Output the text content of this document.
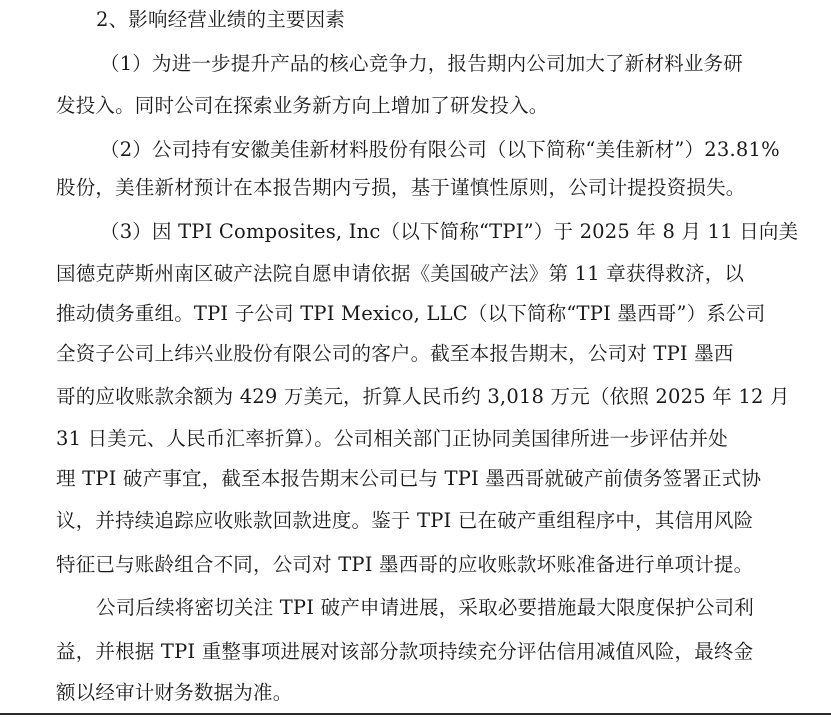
2、影响经营业绩的主要因素
（1）为进一步提升产品的核心竞争力，报告期内公司加大了新材料业务研
发投入。同时公司在探索业务新方向上增加了研发投入。
（2）公司持有安徽美佳新材料股份有限公司（以下简称“美佳新材”）23.81%
股份，美佳新材预计在本报告期内亏损，基于谨慎性原则，公司计提投资损失。
（3）因 TPI Composites, Inc（以下简称“TPI”）于 2025 年 8 月 11 日向美
国德克萨斯州南区破产法院自愿申请依据《美国破产法》第 11 章获得救济，以
推动债务重组。TPI 子公司 TPI Mexico, LLC（以下简称“TPI 墨西哥”）系公司
全资子公司上纬兴业股份有限公司的客户。截至本报告期末，公司对 TPI 墨西
哥的应收账款余额为 429 万美元，折算人民币约 3,018 万元（依照 2025 年 12 月
31 日美元、人民币汇率折算）。公司相关部门正协同美国律所进一步评估并处
理 TPI 破产事宜，截至本报告期末公司已与 TPI 墨西哥就破产前债务签署正式协
议，并持续追踪应收账款回款进度。鉴于 TPI 已在破产重组程序中，其信用风险
特征已与账龄组合不同，公司对 TPI 墨西哥的应收账款坏账准备进行单项计提。
公司后续将密切关注 TPI 破产申请进展，采取必要措施最大限度保护公司利
益，并根据 TPI 重整事项进展对该部分款项持续充分评估信用减值风险，最终金
额以经审计财务数据为准。
